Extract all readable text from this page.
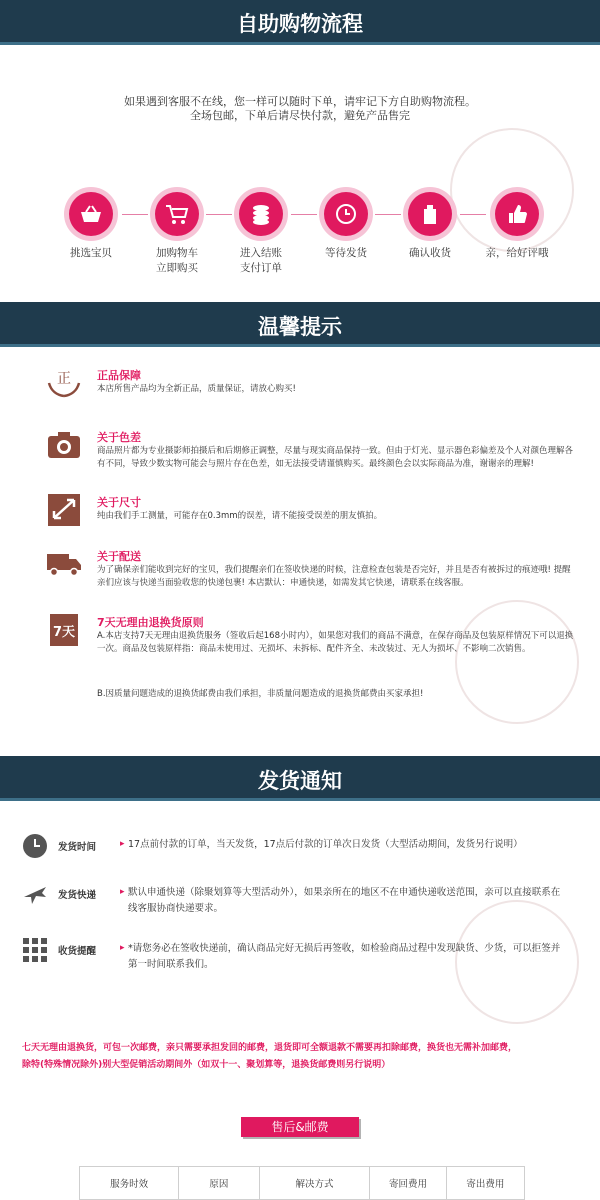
自助购物流程
如果遇到客服不在线，您一样可以随时下单，请牢记下方自助购物流程。
全场包邮，下单后请尽快付款，避免产品售完
挑选宝贝	加购物车
立即购买
进入结账
支付订单
等待发货	确认收货	亲，给好评哦
温馨提示
正 正品保障
本店所售产品均为全新正品，质量保证，请放心购买!
关于色差
商品照片都为专业摄影师拍摄后和后期修正调整，尽量与现实商品保持一致。但由于灯光、显示器色彩偏差及个人对颜色理解各有不同，导致少数实物可能会与照片存在色差，如无法接受请谨慎购买。最终颜色会以实际商品为准，谢谢亲的理解!
关于尺寸
纯由我们手工测量，可能存在0.3mm的误差，请不能接受误差的朋友慎拍。
关于配送
为了确保亲们能收到完好的宝贝，我们提醒亲们在签收快递的时候，注意检查包装是否完好，并且是否有被拆过的痕迹哦! 提醒亲们应该与快递当面验收您的快递包裹! 本店默认：申通快递，如需发其它快递，请联系在线客服。
7天
7天无理由退换货原则
A.本店支持7天无理由退换货服务（签收后起168小时内），如果您对我们的商品不满意，在保存商品及包装原样情况下可以退换一次。商品及包装原样指：商品未使用过、无损坏、未拆标、配件齐全、未改装过、无人为损坏、不影响二次销售。
B.因质量问题造成的退换货邮费由我们承担，非质量问题造成的退换货邮费由买家承担!
发货通知
发货时间	▸ 17点前付款的订单，当天发货，17点后付款的订单次日发货（大型活动期间，发货另行说明）
发货快递	▸ 默认申通快递（除聚划算等大型活动外），如果亲所在的地区不在申通快递收送范围，亲可以直接联系在线客服协商快递要求。
收货提醒	▸ *请您务必在签收快递前，确认商品完好无损后再签收，如检验商品过程中发现缺货、少货，可以拒签并第一时间联系我们。
七天无理由退换货，可包一次邮费，亲只需要承担发回的邮费，退货即可全额退款不需要再扣除邮费，换货也无需补加邮费，
除特(特殊情况除外)别大型促销活动期间外（如双十一、聚划算等，退换货邮费则另行说明）
售后&邮费
服务时效	原因	解决方式	寄回费用	寄出费用
